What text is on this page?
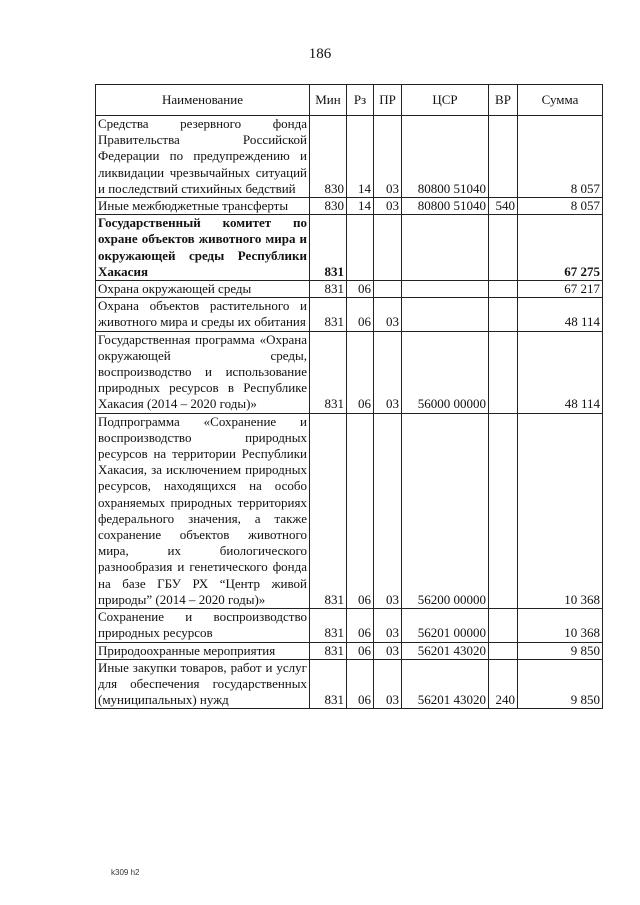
186
Наименование	Мин	Рз	ПР	ЦСР	ВР	Сумма
Средства резервного фонда Правительства Российской Федерации по предупреждению и ликвидации чрезвычайных ситуаций и последствий стихийных бедствий	830	14	03	80800 51040		8 057
Иные межбюджетные трансферты	830	14	03	80800 51040	540	8 057
Государственный комитет по охране объектов животного мира и окружающей среды Республики Хакасия	831					67 275
Охрана окружающей среды	831	06				67 217
Охрана объектов растительного и животного мира и среды их обитания	831	06	03			48 114
Государственная программа «Охрана окружающей среды, воспроизводство и использование природных ресурсов в Республике Хакасия (2014 – 2020 годы)»	831	06	03	56000 00000		48 114
Подпрограмма «Сохранение и воспроизводство природных ресурсов на территории Республики Хакасия, за исключением природных ресурсов, находящихся на особо охраняемых природных территориях федерального значения, а также сохранение объектов животного мира, их биологического разнообразия и генетического фонда на базе ГБУ РХ “Центр живой природы” (2014 – 2020 годы)»	831	06	03	56200 00000		10 368
Сохранение и воспроизводство природных ресурсов	831	06	03	56201 00000		10 368
Природоохранные мероприятия	831	06	03	56201 43020		9 850
Иные закупки товаров, работ и услуг для обеспечения государственных (муниципальных) нужд	831	06	03	56201 43020	240	9 850
k309 h2
